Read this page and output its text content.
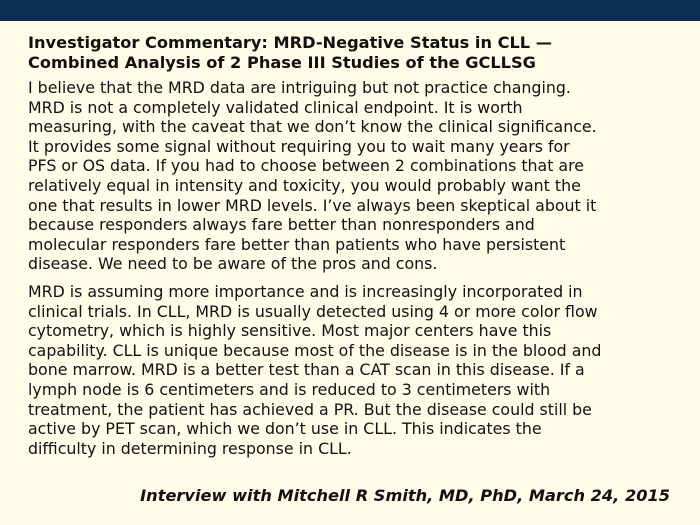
Investigator Commentary: MRD-Negative Status in CLL —
Combined Analysis of 2 Phase III Studies of the GCLLSG

I believe that the MRD data are intriguing but not practice changing.
MRD is not a completely validated clinical endpoint. It is worth
measuring, with the caveat that we don’t know the clinical significance.
It provides some signal without requiring you to wait many years for
PFS or OS data. If you had to choose between 2 combinations that are
relatively equal in intensity and toxicity, you would probably want the
one that results in lower MRD levels. I’ve always been skeptical about it
because responders always fare better than nonresponders and
molecular responders fare better than patients who have persistent
disease. We need to be aware of the pros and cons.

MRD is assuming more importance and is increasingly incorporated in
clinical trials. In CLL, MRD is usually detected using 4 or more color flow
cytometry, which is highly sensitive. Most major centers have this
capability. CLL is unique because most of the disease is in the blood and
bone marrow. MRD is a better test than a CAT scan in this disease. If a
lymph node is 6 centimeters and is reduced to 3 centimeters with
treatment, the patient has achieved a PR. But the disease could still be
active by PET scan, which we don’t use in CLL. This indicates the
difficulty in determining response in CLL.

Interview with Mitchell R Smith, MD, PhD, March 24, 2015
